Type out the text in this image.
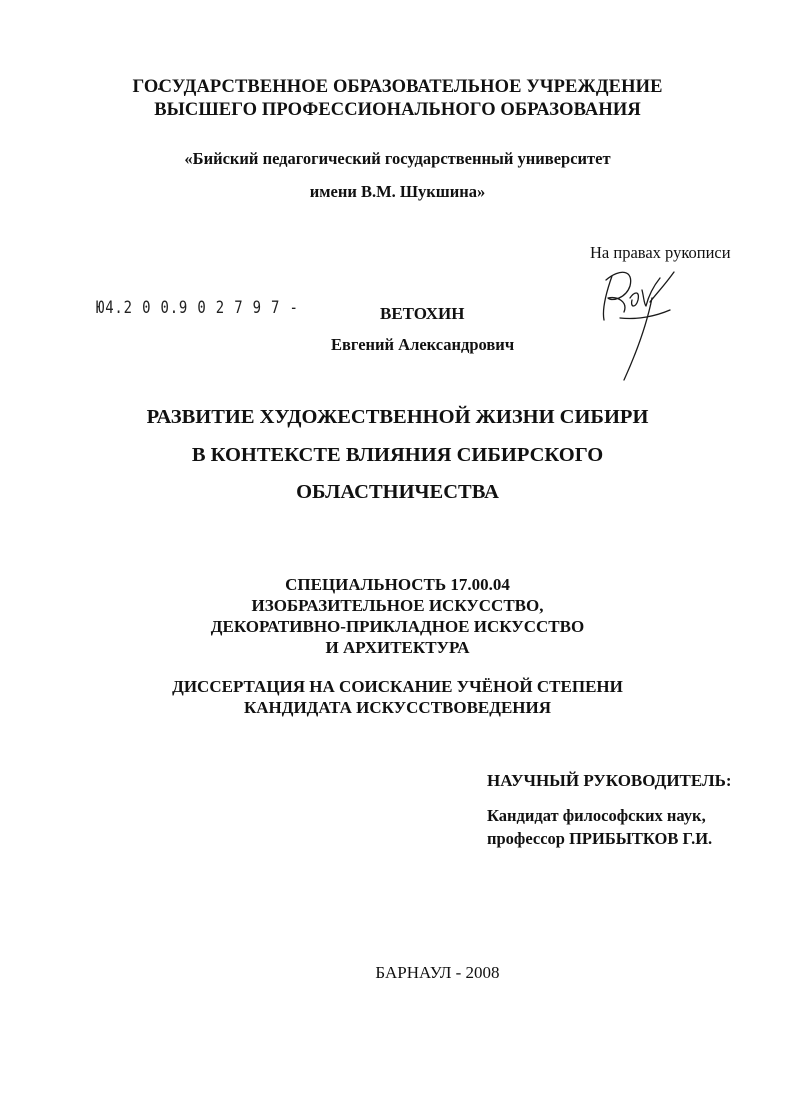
ГОСУДАРСТВЕННОЕ ОБРАЗОВАТЕЛЬНОЕ УЧРЕЖДЕНИЕ
ВЫСШЕГО ПРОФЕССИОНАЛЬНОГО ОБРАЗОВАНИЯ
«Бийский педагогический государственный университет
имени В.М. Шукшина»
На правах рукописи
Ю4.2 0 0.9 0 2 7 9 7 -	ВЕТОХИН
Евгений Александрович
РАЗВИТИЕ ХУДОЖЕСТВЕННОЙ ЖИЗНИ СИБИРИ
В КОНТЕКСТЕ ВЛИЯНИЯ СИБИРСКОГО
ОБЛАСТНИЧЕСТВА
СПЕЦИАЛЬНОСТЬ 17.00.04
ИЗОБРАЗИТЕЛЬНОЕ ИСКУССТВО,
ДЕКОРАТИВНО-ПРИКЛАДНОЕ ИСКУССТВО
И АРХИТЕКТУРА
ДИССЕРТАЦИЯ НА СОИСКАНИЕ УЧЁНОЙ СТЕПЕНИ
КАНДИДАТА ИСКУССТВОВЕДЕНИЯ
НАУЧНЫЙ РУКОВОДИТЕЛЬ:
Кандидат философских наук,
профессор ПРИБЫТКОВ Г.И.
БАРНАУЛ - 2008
